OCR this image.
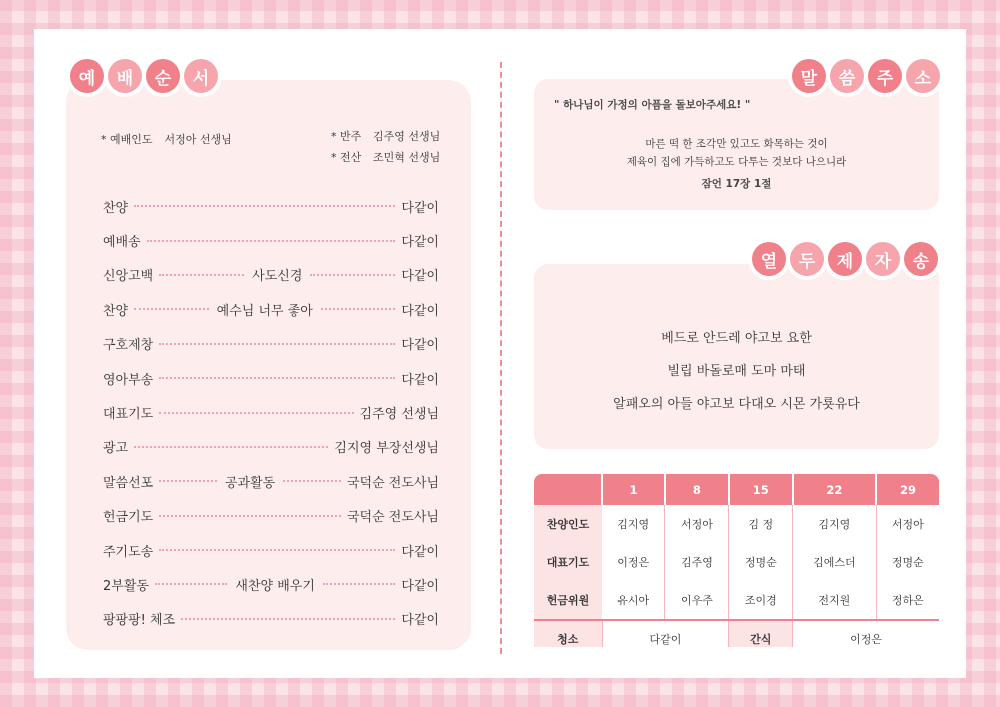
예	배	순	서
* 예배인도 서정아 선생님	* 반주	김주영 선생님
* 전산	조민혁 선생님
찬양	다같이
예배송	다같이
신앙고백	사도신경	다같이
찬양	예수님 너무 좋아	다같이
구호제창	다같이
영아부송	다같이
대표기도	김주영 선생님
광고	김지영 부장선생님
말씀선포	공과활동	국덕순 전도사님
헌금기도	국덕순 전도사님
주기도송	다같이
2부활동	새찬양 배우기	다같이
팡팡팡! 체조	다같이
" 하나님이 가정의 아픔을 돌보아주세요! "
마른 떡 한 조각만 있고도 화목하는 것이
제육이 집에 가득하고도 다투는 것보다 나으니라
잠언 17장 1절
말	씀	주	소
베드로 안드레 야고보 요한
빌립 바돌로매 도마 마태
알패오의 아들 야고보 다대오 시몬 가룟유다
열	두	제	자	송
	1	8	15	22	29
찬양인도	김지영	서정아	김 정	김지영	서정아
대표기도	이정은	김주영	정명순	김에스더	정명순
헌금위원	유시아	이우주	조이경	전지원	정하은
청소	다같이		간식	이정은	
